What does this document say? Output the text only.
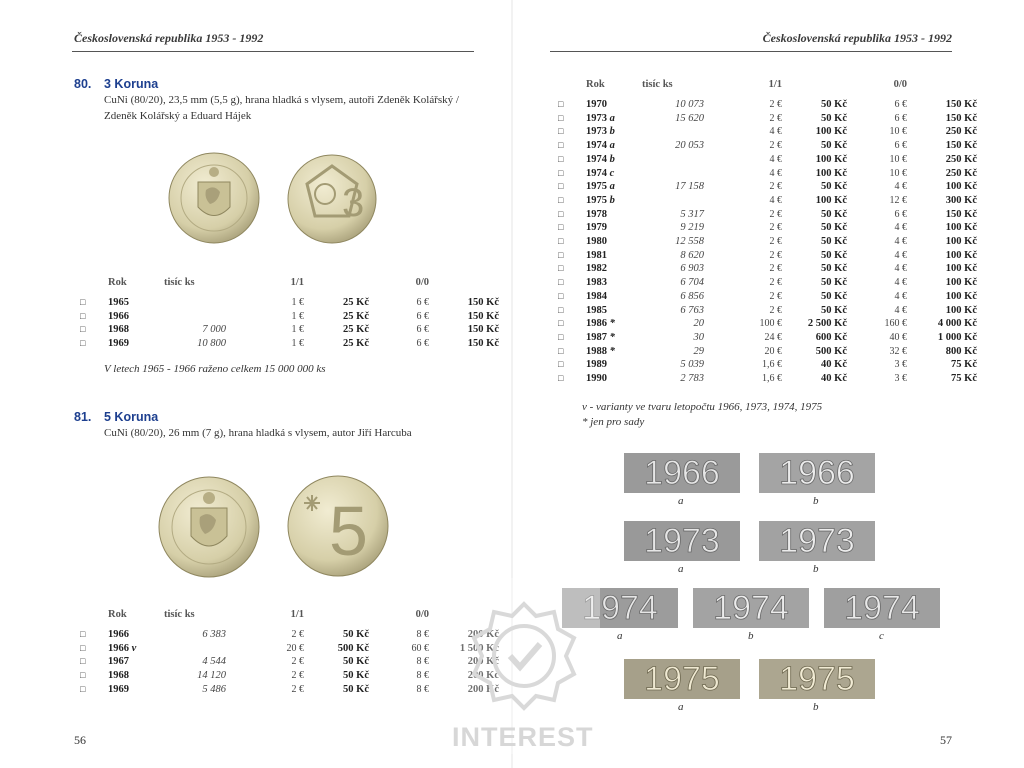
Československá republika 1953 - 1992
80. 3 Koruna
CuNi (80/20), 23,5 mm (5,5 g), hrana hladká s vlysem, autoři Zdeněk Kolářský /
Zdeněk Kolářský a Eduard Hájek
3
	Rok	tisíc ks	1/1		0/0	
□	1965		1 €	25 Kč	6 €	150 Kč
□	1966		1 €	25 Kč	6 €	150 Kč
□	1968	7 000	1 €	25 Kč	6 €	150 Kč
□	1969	10 800	1 €	25 Kč	6 €	150 Kč
V letech 1965 - 1966 raženo celkem 15 000 000 ks
81. 5 Koruna
CuNi (80/20), 26 mm (7 g), hrana hladká s vlysem, autor Jiří Harcuba
5
	Rok	tisíc ks	1/1		0/0	
□	1966	6 383	2 €	50 Kč	8 €	200 Kč
□	1966 v		20 €	500 Kč	60 €	1 500 Kč
□	1967	4 544	2 €	50 Kč	8 €	200 Kč
□	1968	14 120	2 €	50 Kč	8 €	200 Kč
□	1969	5 486	2 €	50 Kč	8 €	200 Kč
56
Československá republika 1953 - 1992
	Rok	tisíc ks	1/1		0/0	
□	1970	10 073	2 €	50 Kč	6 €	150 Kč
□	1973 a	15 620	2 €	50 Kč	6 €	150 Kč
□	1973 b		4 €	100 Kč	10 €	250 Kč
□	1974 a	20 053	2 €	50 Kč	6 €	150 Kč
□	1974 b		4 €	100 Kč	10 €	250 Kč
□	1974 c		4 €	100 Kč	10 €	250 Kč
□	1975 a	17 158	2 €	50 Kč	4 €	100 Kč
□	1975 b		4 €	100 Kč	12 €	300 Kč
□	1978	5 317	2 €	50 Kč	6 €	150 Kč
□	1979	9 219	2 €	50 Kč	4 €	100 Kč
□	1980	12 558	2 €	50 Kč	4 €	100 Kč
□	1981	8 620	2 €	50 Kč	4 €	100 Kč
□	1982	6 903	2 €	50 Kč	4 €	100 Kč
□	1983	6 704	2 €	50 Kč	4 €	100 Kč
□	1984	6 856	2 €	50 Kč	4 €	100 Kč
□	1985	6 763	2 €	50 Kč	4 €	100 Kč
□	1986 *	20	100 €	2 500 Kč	160 €	4 000 Kč
□	1987 *	30	24 €	600 Kč	40 €	1 000 Kč
□	1988 *	29	20 €	500 Kč	32 €	800 Kč
□	1989	5 039	1,6 €	40 Kč	3 €	75 Kč
□	1990	2 783	1,6 €	40 Kč	3 €	75 Kč
v - varianty ve tvaru letopočtu 1966, 1973, 1974, 1975
* jen pro sady
1966
a
1966
b
1973
a
1973
b
1974
a
1974
b
1974
c
1975
a
1975
b
57
INTEREST
